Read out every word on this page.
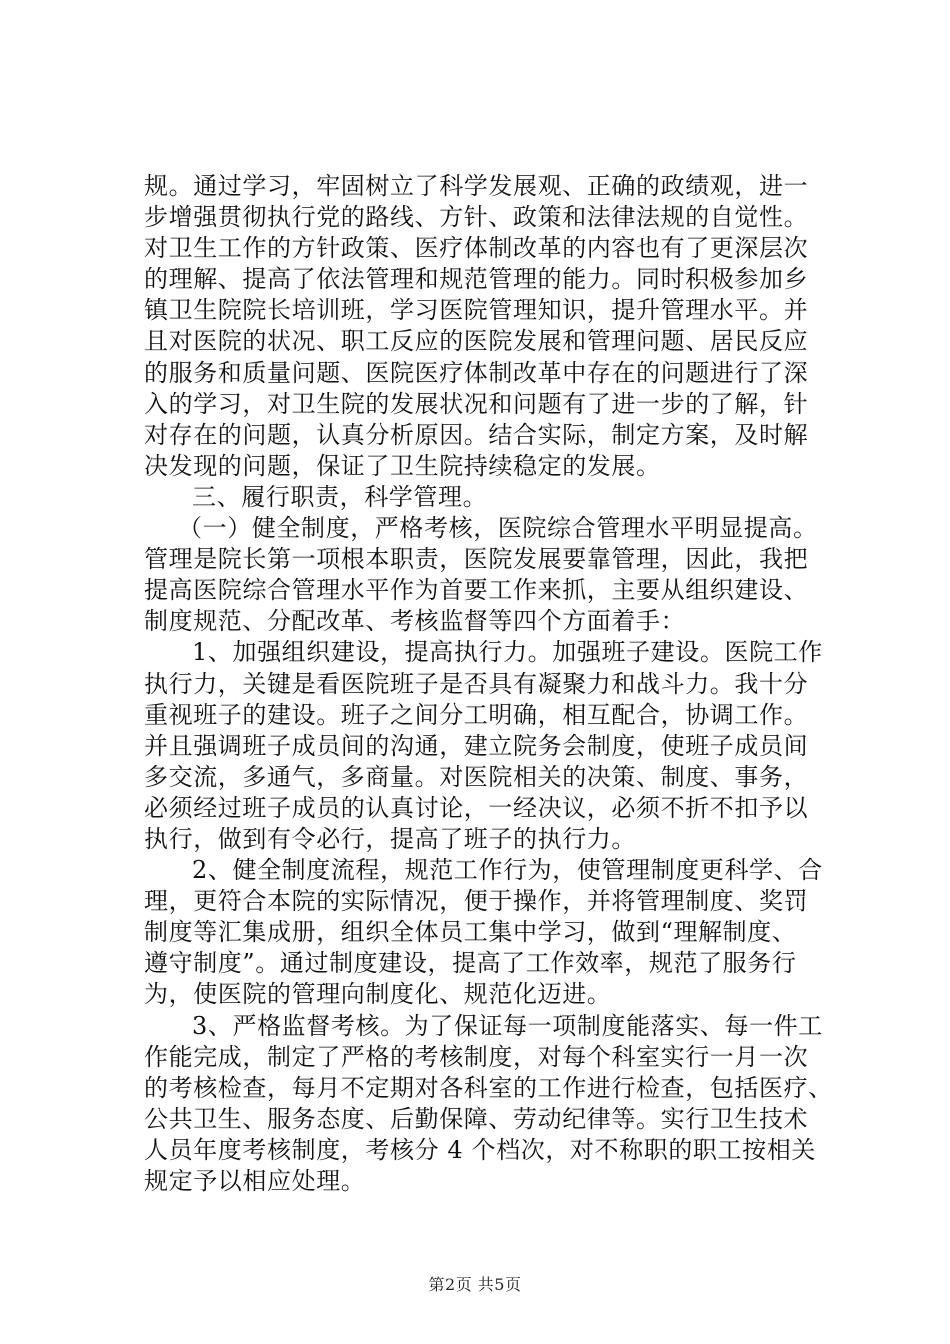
规。通过学习，牢固树立了科学发展观、正确的政绩观，进一
步增强贯彻执行党的路线、方针、政策和法律法规的自觉性。
对卫生工作的方针政策、医疗体制改革的内容也有了更深层次
的理解、提高了依法管理和规范管理的能力。同时积极参加乡
镇卫生院院长培训班，学习医院管理知识，提升管理水平。并
且对医院的状况、职工反应的医院发展和管理问题、居民反应
的服务和质量问题、医院医疗体制改革中存在的问题进行了深
入的学习，对卫生院的发展状况和问题有了进一步的了解，针
对存在的问题，认真分析原因。结合实际，制定方案，及时解
决发现的问题，保证了卫生院持续稳定的发展。

三、履行职责，科学管理。

（一）健全制度，严格考核，医院综合管理水平明显提高。
管理是院长第一项根本职责，医院发展要靠管理，因此，我把
提高医院综合管理水平作为首要工作来抓，主要从组织建设、
制度规范、分配改革、考核监督等四个方面着手：

1、加强组织建设，提高执行力。加强班子建设。医院工作
执行力，关键是看医院班子是否具有凝聚力和战斗力。我十分
重视班子的建设。班子之间分工明确，相互配合，协调工作。
并且强调班子成员间的沟通，建立院务会制度，使班子成员间
多交流，多通气，多商量。对医院相关的决策、制度、事务，
必须经过班子成员的认真讨论，一经决议，必须不折不扣予以
执行，做到有令必行，提高了班子的执行力。

2、健全制度流程，规范工作行为，使管理制度更科学、合
理，更符合本院的实际情况，便于操作，并将管理制度、奖罚
制度等汇集成册，组织全体员工集中学习，做到“理解制度、
遵守制度”。通过制度建设，提高了工作效率，规范了服务行
为，使医院的管理向制度化、规范化迈进。

3、严格监督考核。为了保证每一项制度能落实、每一件工
作能完成，制定了严格的考核制度，对每个科室实行一月一次
的考核检查，每月不定期对各科室的工作进行检查，包括医疗、
公共卫生、服务态度、后勤保障、劳动纪律等。实行卫生技术
人员年度考核制度，考核分 4 个档次，对不称职的职工按相关
规定予以相应处理。

第2页 共5页
